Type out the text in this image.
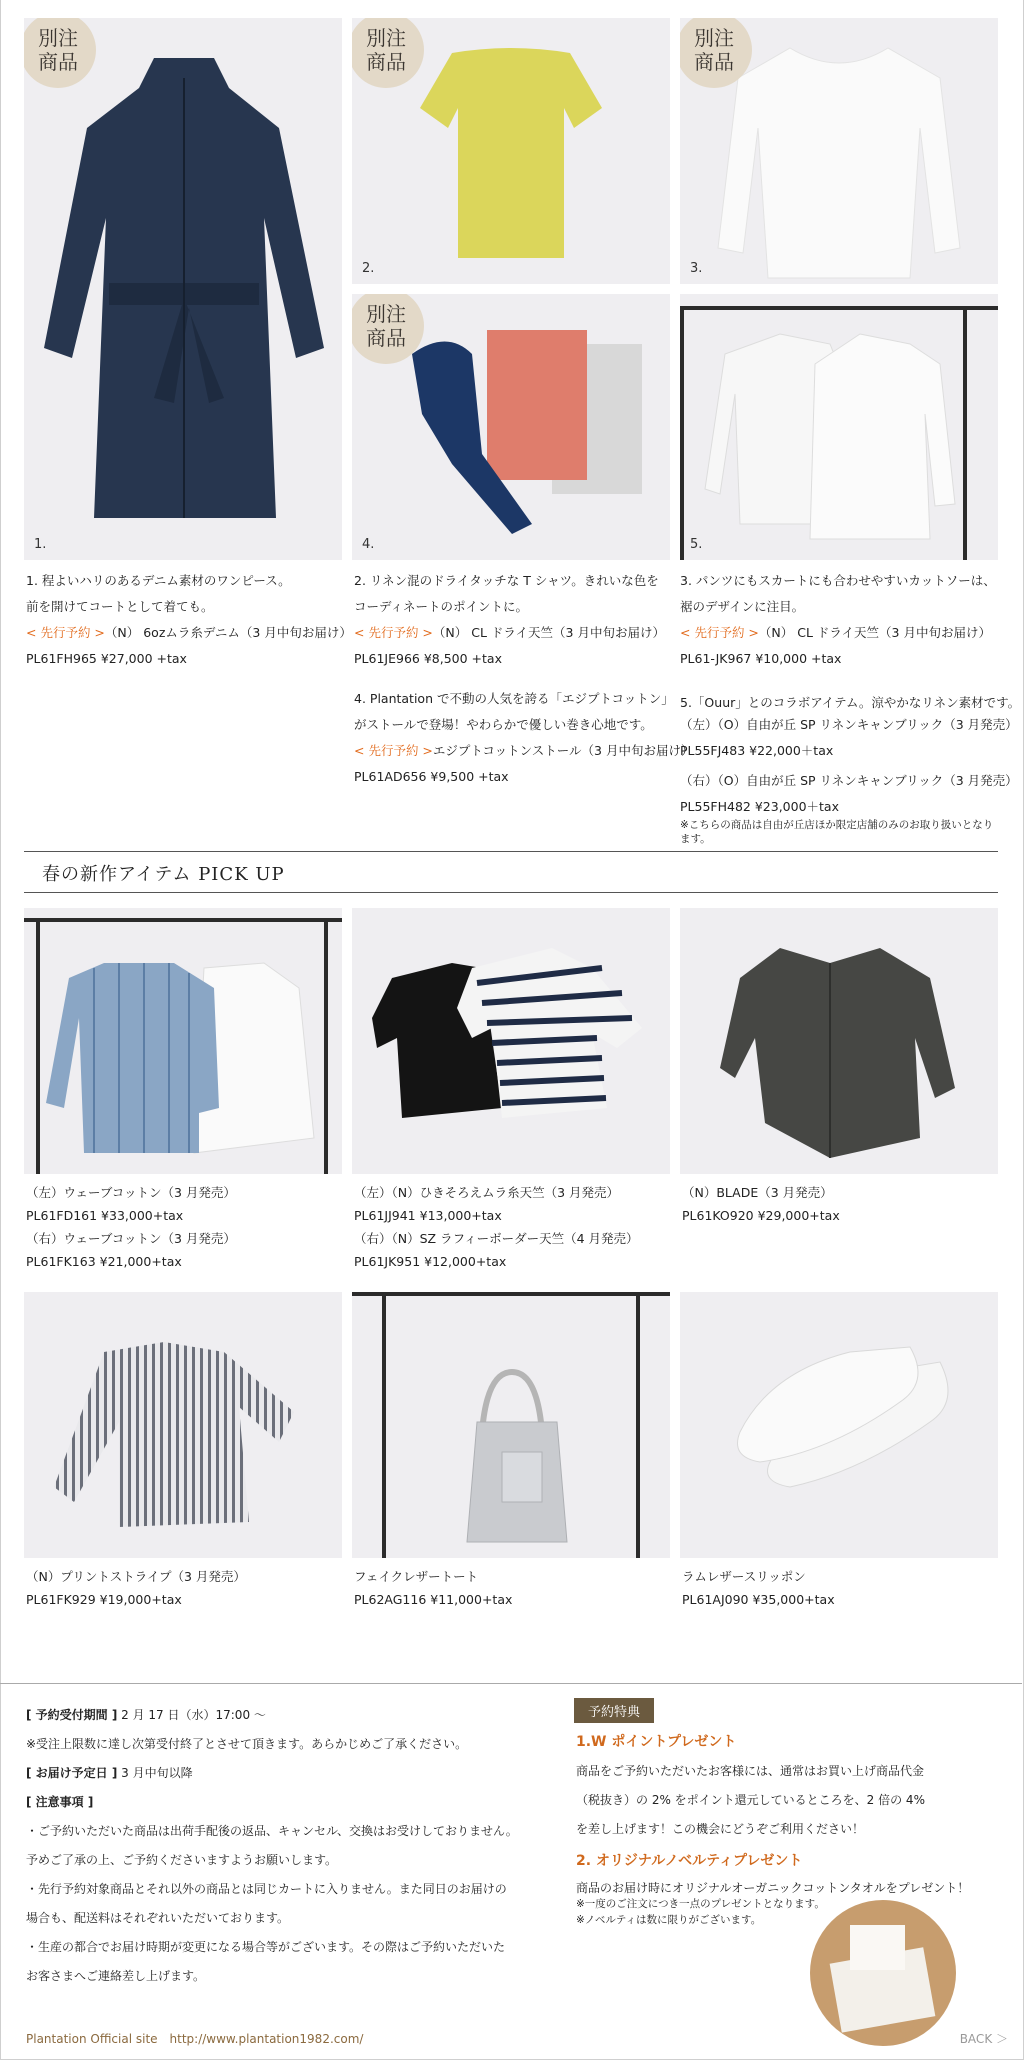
別注
商品
1.
別注
商品
2.
別注
商品
3.
別注
商品
4.	5.
1. 程よいハリのあるデニム素材のワンピース。
前を開けてコートとして着ても。
< 先行予約 >（N） 6ozムラ糸デニム（3 月中旬お届け）
PL61FH965 ¥27,000 +tax
2. リネン混のドライタッチな T シャツ。きれいな色を
コーディネートのポイントに。
< 先行予約 >（N） CL ドライ天竺（3 月中旬お届け）
PL61JE966 ¥8,500 +tax
4. Plantation で不動の人気を誇る「エジプトコットン」
がストールで登場！やわらかで優しい巻き心地です。
< 先行予約 >エジプトコットンストール（3 月中旬お届け）
PL61AD656 ¥9,500 +tax
3. パンツにもスカートにも合わせやすいカットソーは、
裾のデザインに注目。
< 先行予約 >（N） CL ドライ天竺（3 月中旬お届け）
PL61-JK967 ¥10,000 +tax
5.「Ouur」とのコラボアイテム。涼やかなリネン素材です。
（左）（O）自由が丘 SP リネンキャンブリック（3 月発売）
PL55FJ483 ¥22,000＋tax
（右）（O）自由が丘 SP リネンキャンブリック（3 月発売）
PL55FH482 ¥23,000＋tax
※こちらの商品は自由が丘店ほか限定店舗のみのお取り扱いとなります。
春の新作アイテム PICK UP
（左）ウェーブコットン（3 月発売）
PL61FD161 ¥33,000+tax
（右）ウェーブコットン（3 月発売）
PL61FK163 ¥21,000+tax
（左）（N）ひきそろえムラ糸天竺（3 月発売）
PL61JJ941 ¥13,000+tax
（右）（N）SZ ラフィーボーダー天竺（4 月発売）
PL61JK951 ¥12,000+tax
（N）BLADE（3 月発売）
PL61KO920 ¥29,000+tax
（N）プリントストライプ（3 月発売）
PL61FK929 ¥19,000+tax
フェイクレザートート
PL62AG116 ¥11,000+tax
ラムレザースリッポン
PL61AJ090 ¥35,000+tax
[ 予約受付期間 ] 2 月 17 日（水）17:00 〜
※受注上限数に達し次第受付終了とさせて頂きます。あらかじめご了承ください。
[ お届け予定日 ] 3 月中旬以降
[ 注意事項 ]
・ご予約いただいた商品は出荷手配後の返品、キャンセル、交換はお受けしておりません。
予めご了承の上、ご予約くださいますようお願いします。
・先行予約対象商品とそれ以外の商品とは同じカートに入りません。また同日のお届けの
場合も、配送料はそれぞれいただいております。
・生産の都合でお届け時期が変更になる場合等がございます。その際はご予約いただいた
お客さまへご連絡差し上げます。
予約特典
1.W ポイントプレゼント
商品をご予約いただいたお客様には、通常はお買い上げ商品代金
（税抜き）の 2% をポイント還元しているところを、2 倍の 4%
を差し上げます！この機会にどうぞご利用ください！
2. オリジナルノベルティプレゼント
商品のお届け時にオリジナルオーガニックコットンタオルをプレゼント！
※一度のご注文につき一点のプレゼントとなります。
※ノベルティは数に限りがございます。
Plantation Official site　http://www.plantation1982.com/	BACK ＞
